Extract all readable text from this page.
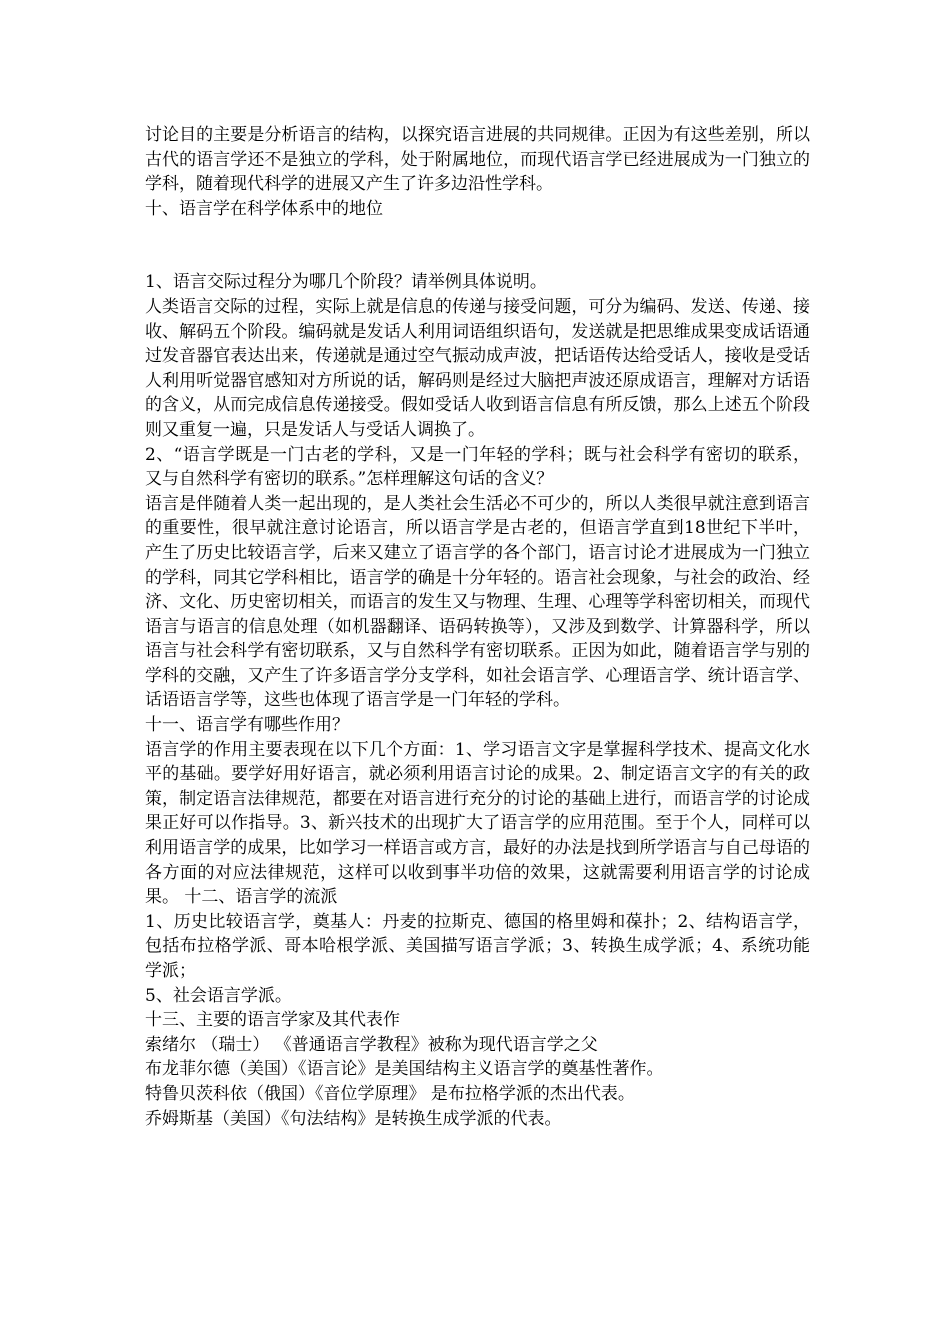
讨论目的主要是分析语言的结构，以探究语言进展的共同规律。正因为有这些差别，所以古代的语言学还不是独立的学科，处于附属地位，而现代语言学已经进展成为一门独立的学科，随着现代科学的进展又产生了许多边沿性学科。

十、语言学在科学体系中的地位

1、语言交际过程分为哪几个阶段？请举例具体说明。

人类语言交际的过程，实际上就是信息的传递与接受问题，可分为编码、发送、传递、接收、解码五个阶段。编码就是发话人利用词语组织语句，发送就是把思维成果变成话语通过发音器官表达出来，传递就是通过空气振动成声波，把话语传达给受话人，接收是受话人利用听觉器官感知对方所说的话，解码则是经过大脑把声波还原成语言，理解对方话语的含义，从而完成信息传递接受。假如受话人收到语言信息有所反馈，那么上述五个阶段则又重复一遍，只是发话人与受话人调换了。

2、“语言学既是一门古老的学科，又是一门年轻的学科；既与社会科学有密切的联系，又与自然科学有密切的联系。”怎样理解这句话的含义？

语言是伴随着人类一起出现的，是人类社会生活必不可少的，所以人类很早就注意到语言的重要性，很早就注意讨论语言，所以语言学是古老的，但语言学直到18世纪下半叶，产生了历史比较语言学，后来又建立了语言学的各个部门，语言讨论才进展成为一门独立的学科，同其它学科相比，语言学的确是十分年轻的。语言社会现象，与社会的政治、经济、文化、历史密切相关，而语言的发生又与物理、生理、心理等学科密切相关，而现代语言与语言的信息处理（如机器翻译、语码转换等），又涉及到数学、计算器科学，所以语言与社会科学有密切联系，又与自然科学有密切联系。正因为如此，随着语言学与别的学科的交融，又产生了许多语言学分支学科，如社会语言学、心理语言学、统计语言学、话语语言学等，这些也体现了语言学是一门年轻的学科。

十一、语言学有哪些作用？

语言学的作用主要表现在以下几个方面：1、学习语言文字是掌握科学技术、提高文化水平的基础。要学好用好语言，就必须利用语言讨论的成果。2、制定语言文字的有关的政策，制定语言法律规范，都要在对语言进行充分的讨论的基础上进行，而语言学的讨论成果正好可以作指导。3、新兴技术的出现扩大了语言学的应用范围。至于个人，同样可以利用语言学的成果，比如学习一样语言或方言，最好的办法是找到所学语言与自己母语的各方面的对应法律规范，这样可以收到事半功倍的效果，这就需要利用语言学的讨论成果。 十二、语言学的流派

1、历史比较语言学，奠基人：丹麦的拉斯克、德国的格里姆和葆扑；2、结构语言学，包括布拉格学派、哥本哈根学派、美国描写语言学派；3、转换生成学派；4、系统功能学派；

5、社会语言学派。

十三、主要的语言学家及其代表作

索绪尔 （瑞士） 《普通语言学教程》被称为现代语言学之父

布龙菲尔德（美国）《语言论》是美国结构主义语言学的奠基性著作。

特鲁贝茨科依（俄国）《音位学原理》 是布拉格学派的杰出代表。

乔姆斯基（美国）《句法结构》是转换生成学派的代表。
